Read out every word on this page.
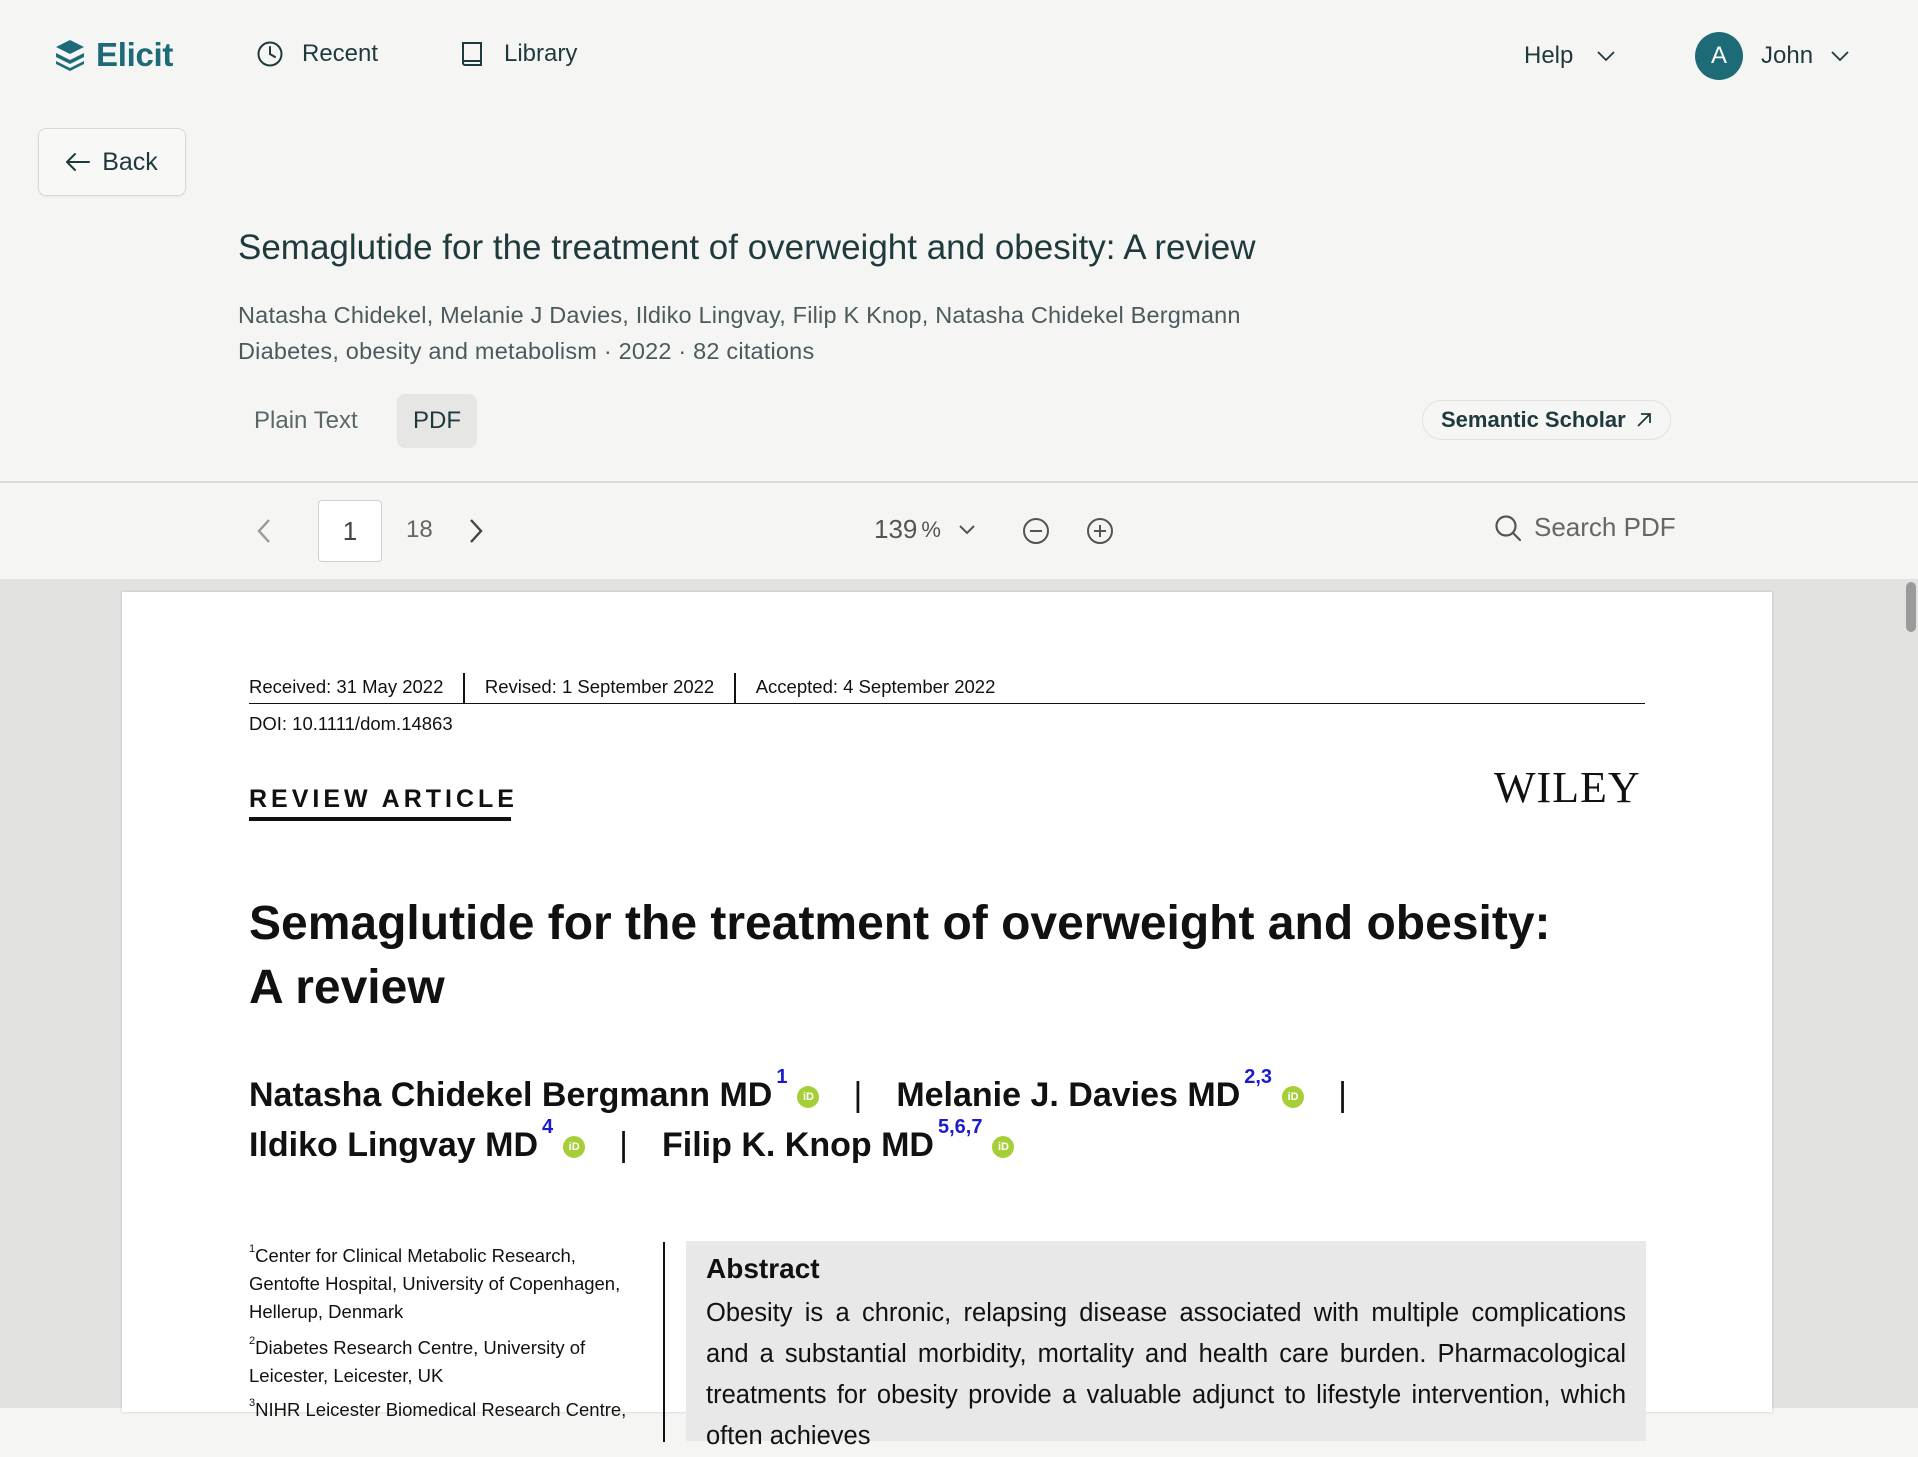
Elicit	Recent	Library	Help	A	John
Back
Semaglutide for the treatment of overweight and obesity: A review
Natasha Chidekel, Melanie J Davies, Ildiko Lingvay, Filip K Knop, Natasha Chidekel Bergmann
Diabetes, obesity and metabolism · 2022 · 82 citations
Plain Text	PDF	Semantic Scholar
1
18	139 %	Search PDF
Received: 31 May 2022 Revised: 1 September 2022 Accepted: 4 September 2022
DOI: 10.1111/dom.14863
REVIEW ARTICLE	WILEY
Semaglutide for the treatment of overweight and obesity:
A review
Natasha Chidekel Bergmann $MD^1$
iD | Melanie J. Davies MD$^{2,3}$
iD |
Ildiko Lingvay $MD^4$
iD | Filip K. Knop MD$^{5,6,7}$
iD
$^1$Center for Clinical Metabolic Research, Gentofte Hospital, University of Copenhagen, Hellerup, Denmark
$^2$Diabetes Research Centre, University of Leicester, Leicester, UK
$^3$NIHR Leicester Biomedical Research Centre,
Abstract

Obesity is a chronic, relapsing disease associated with multiple complications and a substantial morbidity, mortality and health care burden. Pharmacological treatments for obesity provide a valuable adjunct to lifestyle intervention, which often achieves
